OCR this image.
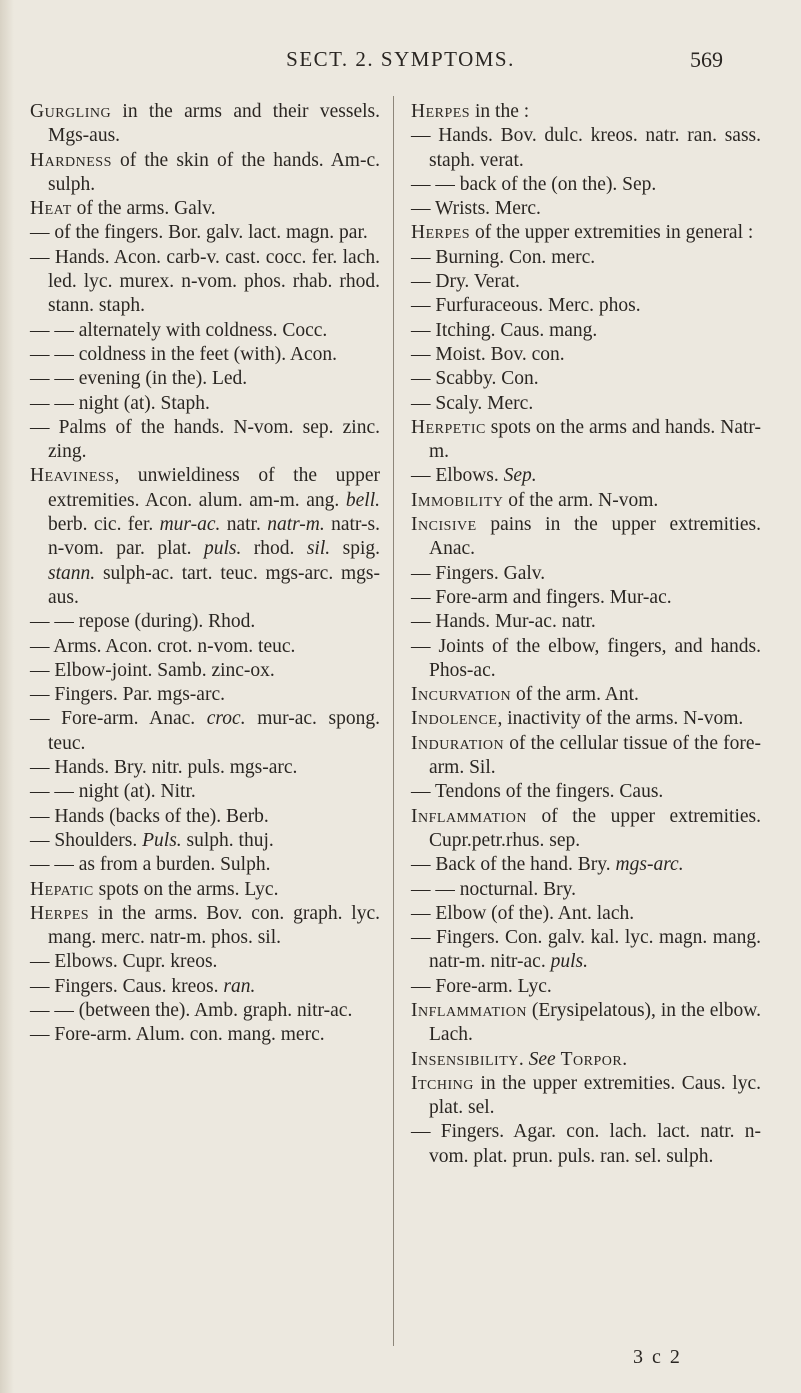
SECT. 2. SYMPTOMS.	569

Gurgling in the arms and their vessels. Mgs-aus.

Hardness of the skin of the hands. Am-c. sulph.

Heat of the arms. Galv.

— of the fingers. Bor. galv. lact. magn. par.

— Hands. Acon. carb-v. cast. cocc. fer. lach. led. lyc. murex. n-vom. phos. rhab. rhod. stann. staph.

— — alternately with coldness. Cocc.

— — coldness in the feet (with). Acon.

— — evening (in the). Led.

— — night (at). Staph.

— Palms of the hands. N-vom. sep. zinc. zing.

Heaviness, unwieldiness of the upper extremities. Acon. alum. am-m. ang. bell. berb. cic. fer. mur-ac. natr. natr-m. natr-s. n-vom. par. plat. puls. rhod. sil. spig. stann. sulph-ac. tart. teuc. mgs-arc. mgs-aus.

— — repose (during). Rhod.

— Arms. Acon. crot. n-vom. teuc.

— Elbow-joint. Samb. zinc-ox.

— Fingers. Par. mgs-arc.

— Fore-arm. Anac. croc. mur-ac. spong. teuc.

— Hands. Bry. nitr. puls. mgs-arc.

— — night (at). Nitr.

— Hands (backs of the). Berb.

— Shoulders. Puls. sulph. thuj.

— — as from a burden. Sulph.

Hepatic spots on the arms. Lyc.

Herpes in the arms. Bov. con. graph. lyc. mang. merc. natr-m. phos. sil.

— Elbows. Cupr. kreos.

— Fingers. Caus. kreos. ran.

— — (between the). Amb. graph. nitr-ac.

— Fore-arm. Alum. con. mang. merc.

Herpes in the :

— Hands. Bov. dulc. kreos. natr. ran. sass. staph. verat.

— — back of the (on the). Sep.

— Wrists. Merc.

Herpes of the upper extremities in general :

— Burning. Con. merc.

— Dry. Verat.

— Furfuraceous. Merc. phos.

— Itching. Caus. mang.

— Moist. Bov. con.

— Scabby. Con.

— Scaly. Merc.

Herpetic spots on the arms and hands. Natr-m.

— Elbows. Sep.

Immobility of the arm. N-vom.

Incisive pains in the upper extremities. Anac.

— Fingers. Galv.

— Fore-arm and fingers. Mur-ac.

— Hands. Mur-ac. natr.

— Joints of the elbow, fingers, and hands. Phos-ac.

Incurvation of the arm. Ant.

Indolence, inactivity of the arms. N-vom.

Induration of the cellular tissue of the fore-arm. Sil.

— Tendons of the fingers. Caus.

Inflammation of the upper extremities. Cupr.petr.rhus. sep.

— Back of the hand. Bry. mgs-arc.

— — nocturnal. Bry.

— Elbow (of the). Ant. lach.

— Fingers. Con. galv. kal. lyc. magn. mang. natr-m. nitr-ac. puls.

— Fore-arm. Lyc.

Inflammation (Erysipelatous), in the elbow. Lach.

Insensibility. See Torpor.

Itching in the upper extremities. Caus. lyc. plat. sel.

— Fingers. Agar. con. lach. lact. natr. n-vom. plat. prun. puls. ran. sel. sulph.

3 c 2
